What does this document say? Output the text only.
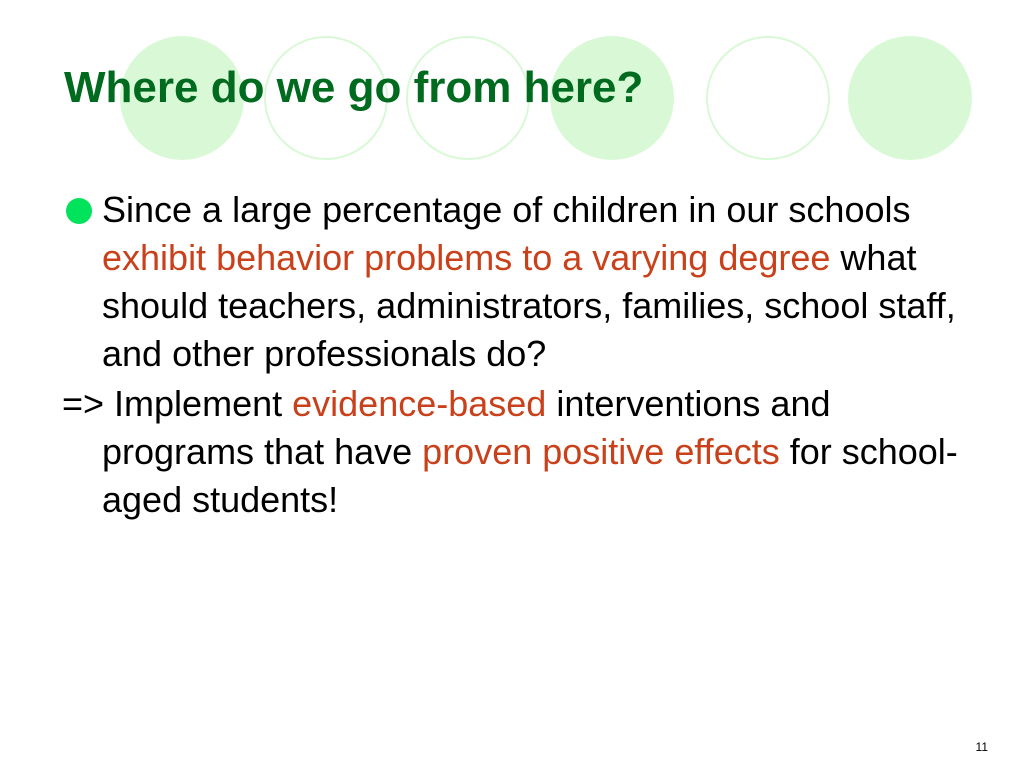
Where do we go from here?
Since a large percentage of children in our schools exhibit behavior problems to a varying degree what should teachers, administrators, families, school staff, and other professionals do?
=> Implement evidence-based interventions and programs that have proven positive effects for school-aged students!
11
